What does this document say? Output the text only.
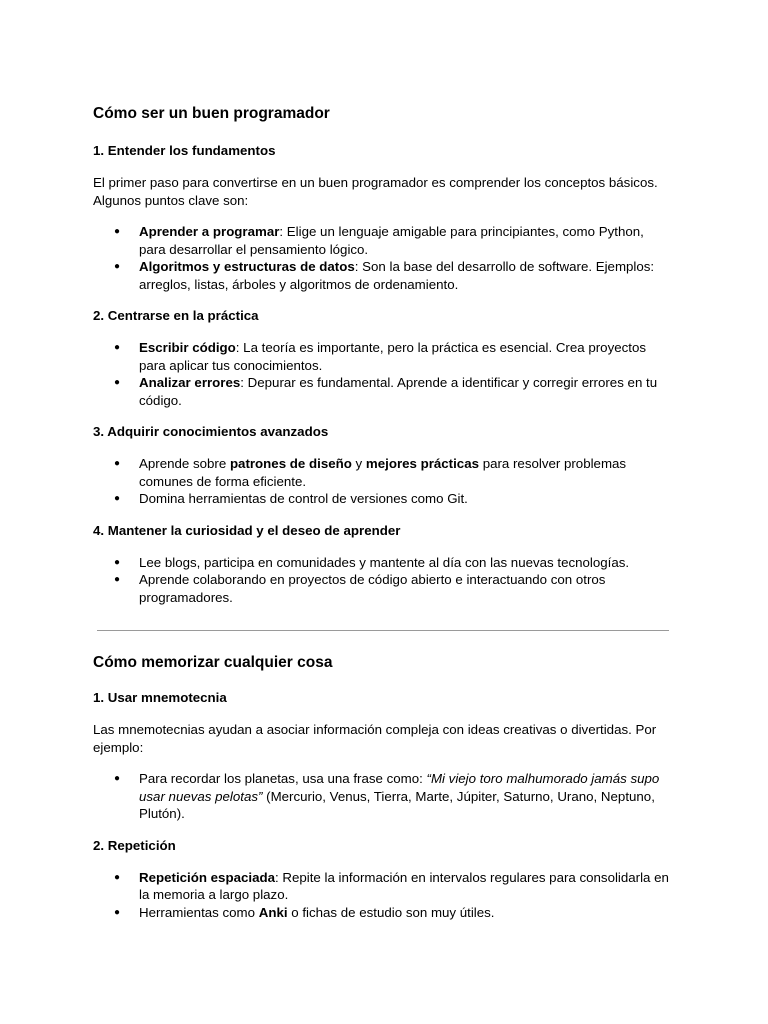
Cómo ser un buen programador
1. Entender los fundamentos

El primer paso para convertirse en un buen programador es comprender los conceptos básicos. Algunos puntos clave son:

● Aprender a programar: Elige un lenguaje amigable para principiantes, como Python, para desarrollar el pensamiento lógico.
● Algoritmos y estructuras de datos: Son la base del desarrollo de software. Ejemplos: arreglos, listas, árboles y algoritmos de ordenamiento.
2. Centrarse en la práctica
● Escribir código: La teoría es importante, pero la práctica es esencial. Crea proyectos para aplicar tus conocimientos.
● Analizar errores: Depurar es fundamental. Aprende a identificar y corregir errores en tu código.
3. Adquirir conocimientos avanzados
● Aprende sobre patrones de diseño y mejores prácticas para resolver problemas comunes de forma eficiente.
● Domina herramientas de control de versiones como Git.
4. Mantener la curiosidad y el deseo de aprender
● Lee blogs, participa en comunidades y mantente al día con las nuevas tecnologías.
● Aprende colaborando en proyectos de código abierto e interactuando con otros programadores.
Cómo memorizar cualquier cosa
1. Usar mnemotecnia

Las mnemotecnias ayudan a asociar información compleja con ideas creativas o divertidas. Por ejemplo:

● Para recordar los planetas, usa una frase como: “Mi viejo toro malhumorado jamás supo usar nuevas pelotas” (Mercurio, Venus, Tierra, Marte, Júpiter, Saturno, Urano, Neptuno, Plutón).
2. Repetición
● Repetición espaciada: Repite la información en intervalos regulares para consolidarla en la memoria a largo plazo.
● Herramientas como Anki o fichas de estudio son muy útiles.
